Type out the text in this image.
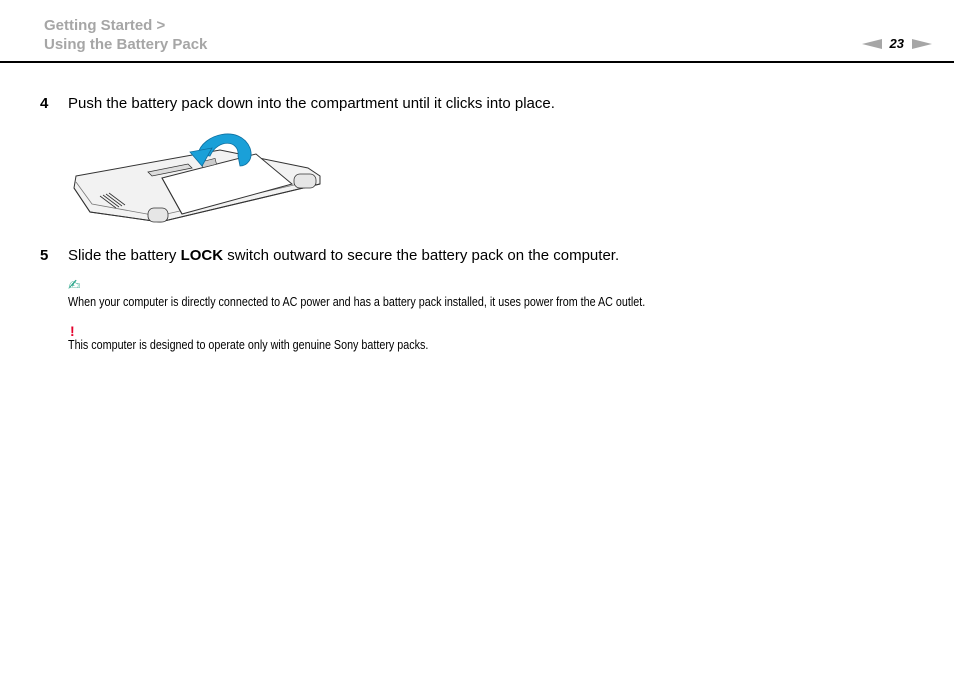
Getting Started >
Using the Battery Pack	23
4	Push the battery pack down into the compartment until it clicks into place.
5	Slide the battery LOCK switch outward to secure the battery pack on the computer.
✍
When your computer is directly connected to AC power and has a battery pack installed, it uses power from the AC outlet.
!
This computer is designed to operate only with genuine Sony battery packs.
